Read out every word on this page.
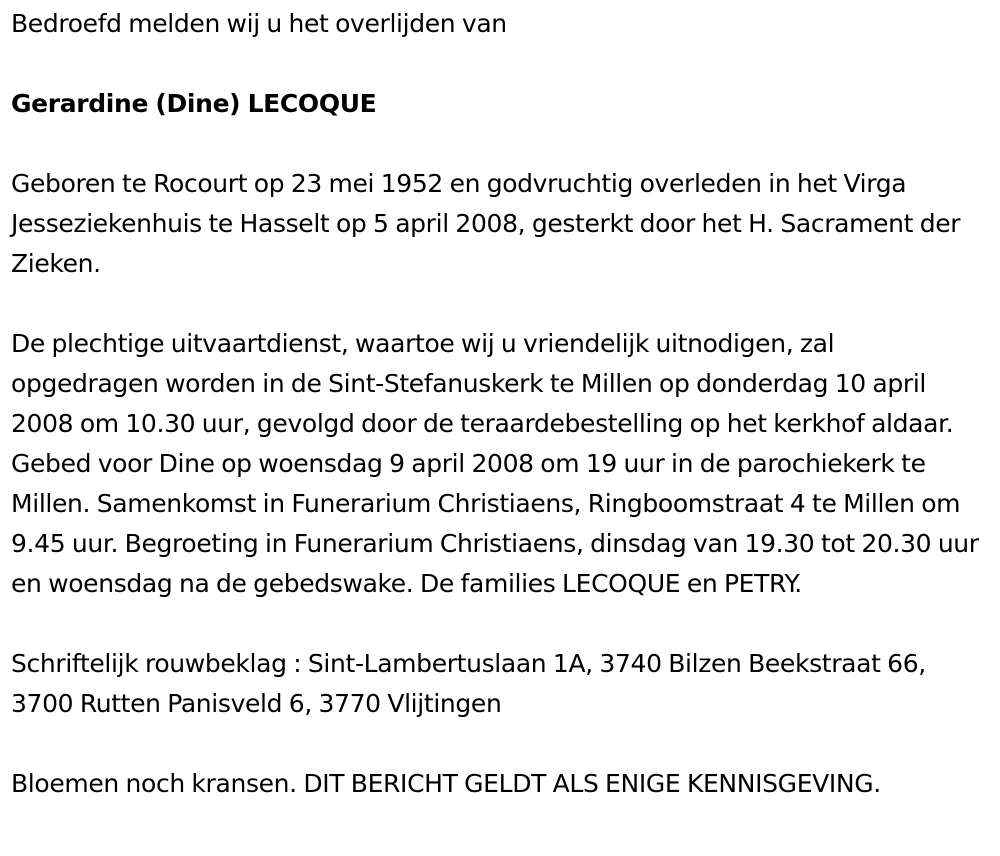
Bedroefd melden wij u het overlijden van

Gerardine (Dine) LECOQUE

Geboren te Rocourt op 23 mei 1952 en godvruchtig overleden in het Virga Jesseziekenhuis te Hasselt op 5 april 2008, gesterkt door het H. Sacrament der Zieken.

De plechtige uitvaartdienst, waartoe wij u vriendelijk uitnodigen, zal opgedragen worden in de Sint-Stefanuskerk te Millen op donderdag 10 april 2008 om 10.30 uur, gevolgd door de teraardebestelling op het kerkhof aldaar. Gebed voor Dine op woensdag 9 april 2008 om 19 uur in de parochiekerk te Millen. Samenkomst in Funerarium Christiaens, Ringboomstraat 4 te Millen om 9.45 uur. Begroeting in Funerarium Christiaens, dinsdag van 19.30 tot 20.30 uur en woensdag na de gebedswake. De families LECOQUE en PETRY.

Schriftelijk rouwbeklag : Sint-Lambertuslaan 1A, 3740 Bilzen Beekstraat 66, 3700 Rutten Panisveld 6, 3770 Vlijtingen

Bloemen noch kransen. DIT BERICHT GELDT ALS ENIGE KENNISGEVING.
